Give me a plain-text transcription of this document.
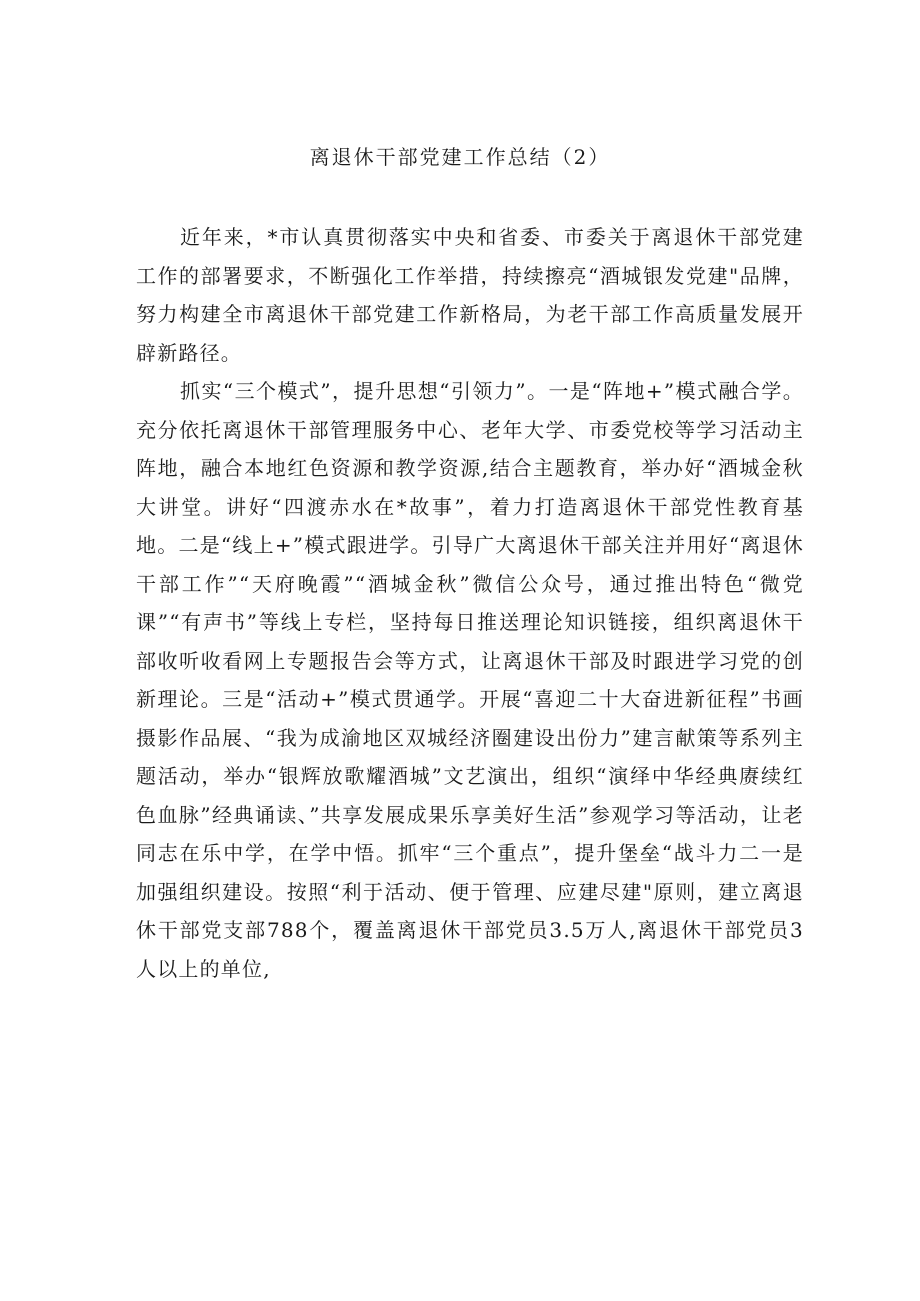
离退休干部党建工作总结（2）

近年来，*市认真贯彻落实中央和省委、市委关于离退休干部党建工作的部署要求，不断强化工作举措，持续擦亮“酒城银发党建"品牌，努力构建全市离退休干部党建工作新格局，为老干部工作高质量发展开辟新路径。

抓实“三个模式”，提升思想“引领力”。一是“阵地+”模式融合学。充分依托离退休干部管理服务中心、老年大学、市委党校等学习活动主阵地，融合本地红色资源和教学资源,结合主题教育，举办好“酒城金秋大讲堂。讲好“四渡赤水在*故事”，着力打造离退休干部党性教育基地。二是“线上+”模式跟进学。引导广大离退休干部关注并用好“离退休干部工作”“天府晚霞”“酒城金秋”微信公众号，通过推出特色“微党课”“有声书”等线上专栏，坚持每日推送理论知识链接，组织离退休干部收听收看网上专题报告会等方式，让离退休干部及时跟进学习党的创新理论。三是“活动+”模式贯通学。开展“喜迎二十大奋进新征程”书画摄影作品展、“我为成渝地区双城经济圈建设出份力”建言献策等系列主题活动，举办“银辉放歌耀酒城”文艺演出，组织“演绎中华经典赓续红色血脉”经典诵读、”共享发展成果乐享美好生活”参观学习等活动，让老同志在乐中学，在学中悟。抓牢“三个重点”，提升堡垒“战斗力二一是加强组织建设。按照“利于活动、便于管理、应建尽建"原则，建立离退休干部党支部788个，覆盖离退休干部党员3.5万人,离退休干部党员3人以上的单位,
